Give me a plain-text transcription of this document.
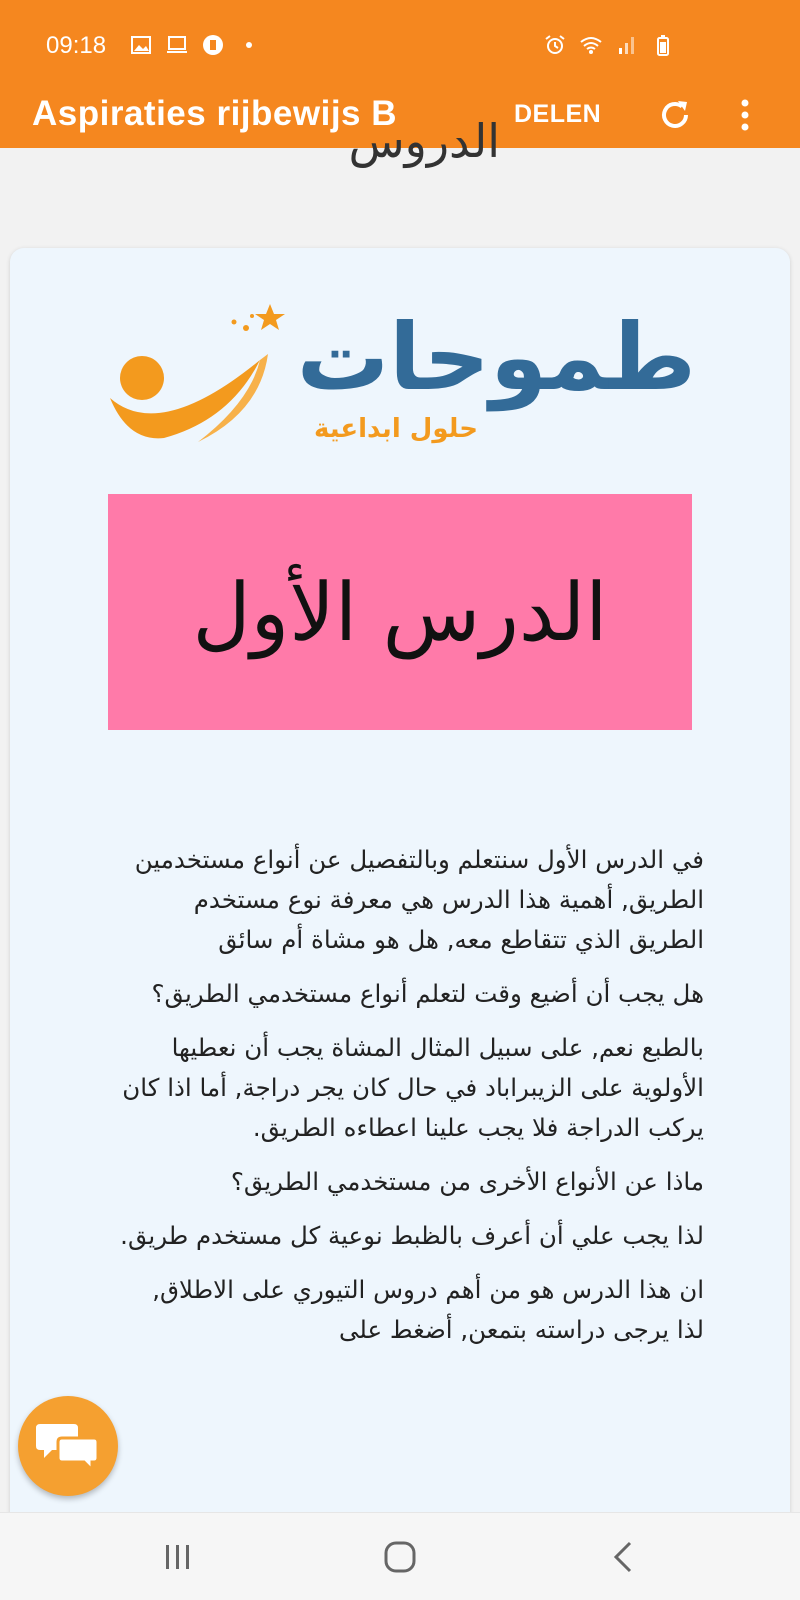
09:18
Aspiraties rijbewijs B	DELEN
الدروس
طموحات
حلول ابداعية
الدرس الأول

في الدرس الأول سنتعلم وبالتفصيل عن أنواع مستخدمين الطريق, أهمية هذا الدرس هي معرفة نوع مستخدم الطريق الذي تتقاطع معه, هل هو مشاة أم سائق

هل يجب أن أضيع وقت لتعلم أنواع مستخدمي الطريق؟

بالطبع نعم, على سبيل المثال المشاة يجب أن نعطيها الأولوية على الزيبراباد في حال كان يجر دراجة, أما اذا كان يركب الدراجة فلا يجب علينا اعطاءه الطريق.

ماذا عن الأنواع الأخرى من مستخدمي الطريق؟

لذا يجب علي أن أعرف بالظبط نوعية كل مستخدم طريق.

ان هذا الدرس هو من أهم دروس التيوري على الاطلاق, لذا يرجى دراسته بتمعن, أضغط على
